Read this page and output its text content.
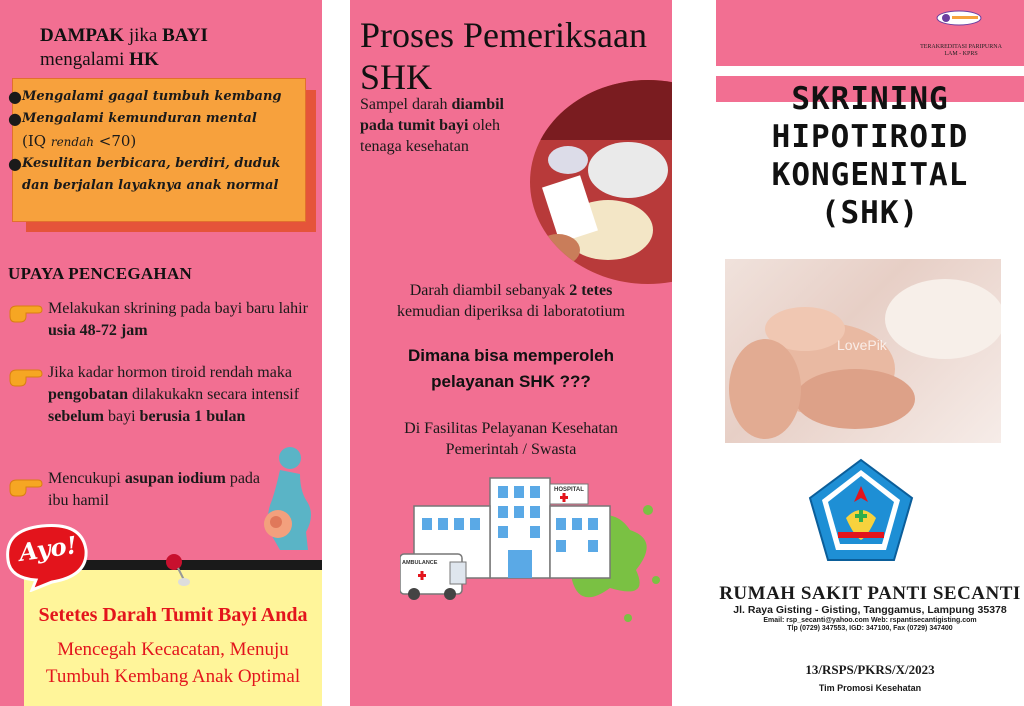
DAMPAK jika BAYI
mengalami HK
● Mengalami gagal tumbuh kembang
● Mengalami kemunduran mental
(IQ rendah <70)
● Kesulitan berbicara, berdiri, duduk dan berjalan layaknya anak normal
UPAYA PENCEGAHAN
Melakukan skrining pada bayi baru lahir usia 48-72 jam
Jika kadar hormon tiroid rendah maka pengobatan dilakukakn secara intensif sebelum bayi berusia 1 bulan
Mencukupi asupan iodium pada ibu hamil
Ayo!
Setetes Darah Tumit Bayi Anda
Mencegah Kecacatan, Menuju Tumbuh Kembang Anak Optimal
Proses Pemeriksaan SHK
Sampel darah diambil pada tumit bayi oleh tenaga kesehatan
Darah diambil sebanyak 2 tetes
kemudian diperiksa di laboratotium
Dimana bisa memperoleh pelayanan SHK ???
Di Fasilitas Pelayanan Kesehatan Pemerintah / Swasta
HOSPITAL
AMBULANCE
TERAKREDITASI PARIPURNA
LAM - KPRS
SKRINING
HIPOTIROID
KONGENITAL
(SHK)
LovePik
RUMAH SAKIT PANTI SECANTI
Jl. Raya Gisting - Gisting, Tanggamus, Lampung 35378
Email: rsp_secanti@yahoo.com Web: rspantisecantigisting.com
Tlp (0729) 347553, IGD: 347100, Fax (0729) 347400
13/RSPS/PKRS/X/2023
Tim Promosi Kesehatan
